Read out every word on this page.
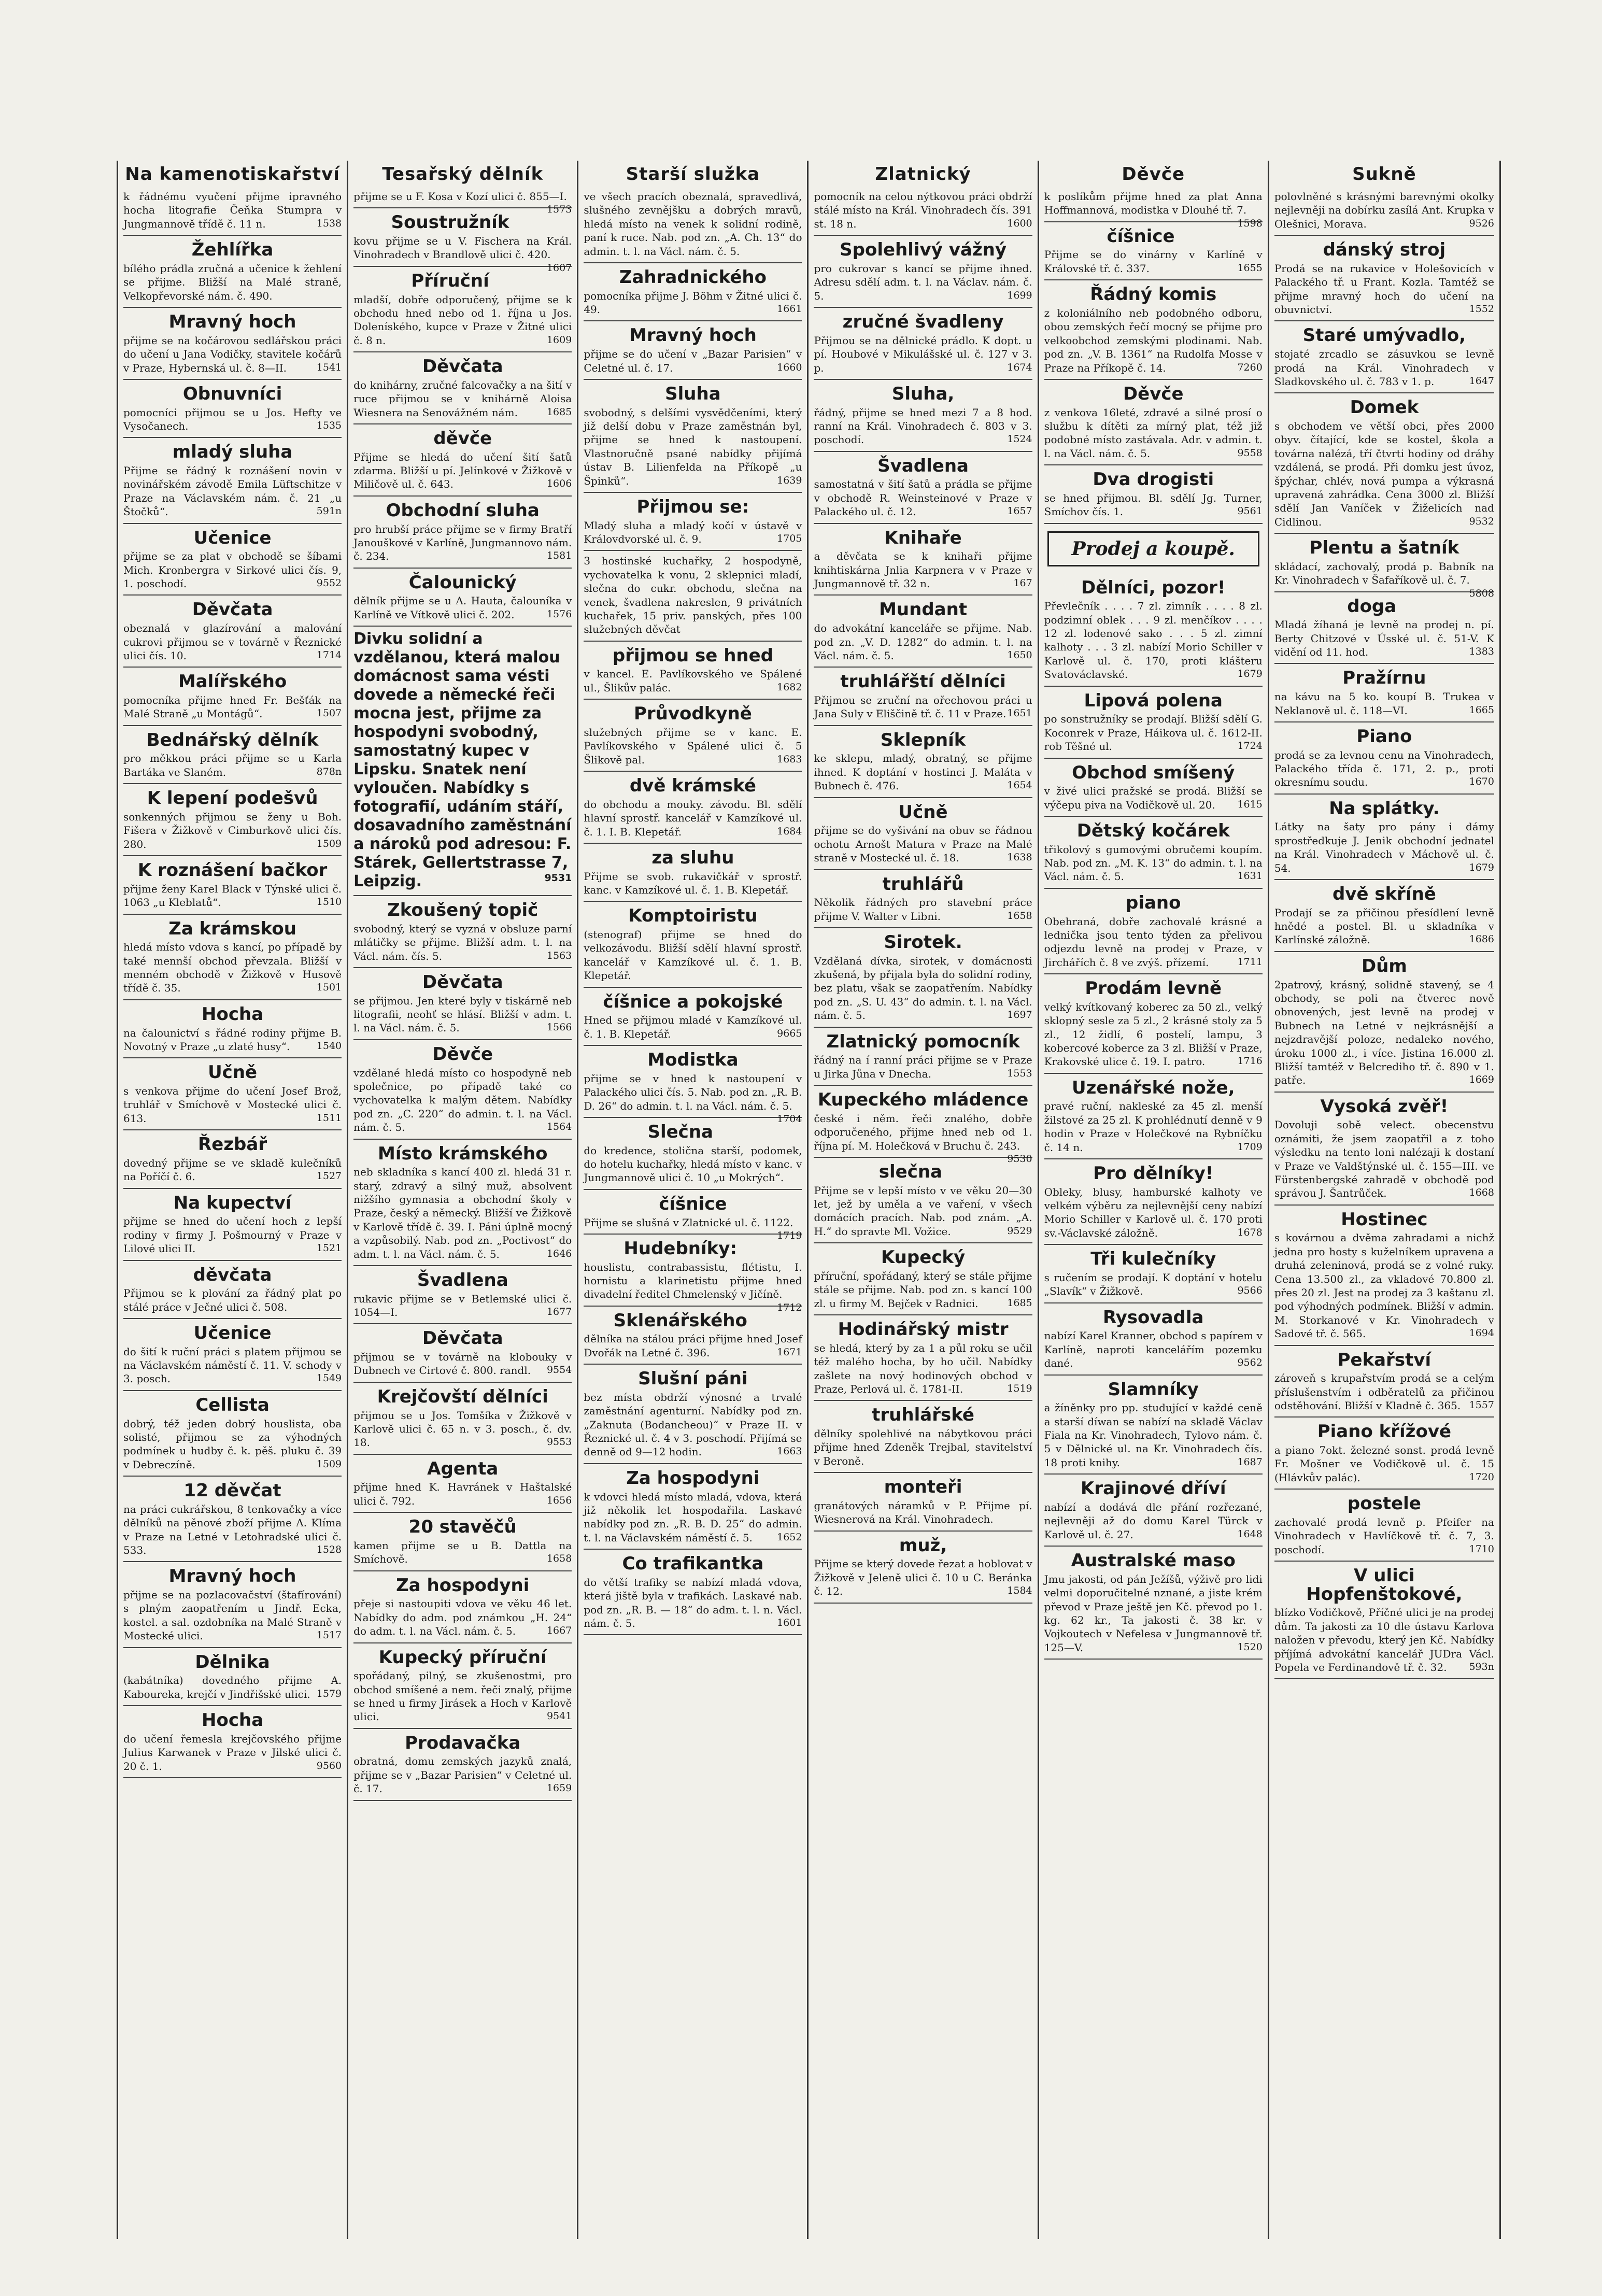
Na kamenotiskařství
k řádnému vyučení přijme ipravného hocha litografie Čeňka Stumpra v Jungmannově třídě č. 11 n.	1538
Žehlířka
bílého prádla zručná a učenice k žehlení se přijme. Bližší na Malé straně, Velkopřevorské nám. č. 490.
Mravný hoch
přijme se na kočárovou sedlářskou práci do učení u Jana Vodičky, stavitele kočárů v Praze, Hybernská ul. č. 8—II.	1541
Obnuvníci
pomocníci přijmou se u Jos. Hefty ve Vysočanech.	1535
mladý sluha
Přijme se řádný k roznášení novin v novinářském závodě Emila Lüftschitze v Praze na Václavském nám. č. 21 „u Štočků“.	591n
Učenice
přijme se za plat v obchodě se šíbami Mich. Kronbergra v Sirkové ulici čís. 9, 1. poschodí.	9552
Děvčata
obeznalá v glazírování a malování cukrovi přijmou se v továrně v Řeznické ulici čís. 10.	1714
Malířského
pomocníka přijme hned Fr. Bešťák na Malé Straně „u Montágů“.	1507
Bednářský dělník
pro měkkou práci přijme se u Karla Bartáka ve Slaném.	878n
K lepení podešvů
sonkenných přijmou se ženy u Boh. Fišera v Žižkově v Cimburkově ulici čís. 280.	1509
K roznášení bačkor
přijme ženy Karel Black v Týnské ulici č. 1063 „u Kleblatů“.	1510
Za krámskou
hledá místo vdova s kancí, po případě by také mennší obchod převzala. Bližší v menném obchodě v Žižkově v Husově třídě č. 35.	1501
Hocha
na čalounictví s řádné rodiny přijme B. Novotný v Praze „u zlaté husy“.	1540
Učně
s venkova přijme do učení Josef Brož, truhlář v Smíchově v Mostecké ulici č. 613.	1511
Řezbář
dovedný přijme se ve skladě kulečníků na Poříčí č. 6.	1527
Na kupectví
přijme se hned do učení hoch z lepší rodiny v firmy J. Pošmourný v Praze v Lilové ulici II.	1521
děvčata
Přijmou se k plování za řádný plat po stálé práce v Ječné ulici č. 508.
Učenice
do šití k ruční práci s platem přijmou se na Václavském náměstí č. 11. V. schody v 3. posch.	1549
Cellista
dobrý, též jeden dobrý houslista, oba solisté, přijmou se za výhodných podmínek u hudby č. k. pěš. pluku č. 39 v Debreczíně.	1509
12 děvčat
na práci cukrářskou, 8 tenkovačky a více dělníků na pěnové zboží přijme A. Klíma v Praze na Letné v Letohradské ulici č. 533.	1528
Mravný hoch
přijme se na pozlacovačství (štafírování) s plným zaopatřením u Jindř. Ecka, kostel. a sal. ozdobníka na Malé Straně v Mostecké ulici.	1517
Dělnika
(kabátníka) dovedného přijme A. Kaboureka, krejčí v Jindřišské ulici. 1579
Hocha
do učení řemesla krejčovského přijme Julius Karwanek v Praze v Jilské ulici č. 20 č. 1.	9560
Tesařský dělník
přijme se u F. Kosa v Kozí ulici č. 855—I.
1573
Soustružník
kovu přijme se u V. Fischera na Král. Vinohradech v Brandlově ulici č. 420.
1607
Příruční
mladší, dobře odporučený, přijme se k obchodu hned nebo od 1. října u Jos. Doleníského, kupce v Praze v Žitné ulici č. 8 n.	1609
Děvčata
do knihárny, zručné falcovačky a na šití v ruce přijmou se v knihárně Aloisa Wiesnera na Senovážném nám.	1685
děvče
Přijme se hledá do učení šití šatů zdarma. Bližší u pí. Jelínkové v Žižkově v Miličově ul. č. 643.	1606
Obchodní sluha
pro hrubší práce přijme se v firmy Bratří Janouškové v Karlíně, Jungmannovo nám. č. 234.	1581
Čalounický
dělník přijme se u A. Hauta, čalouníka v Karlíně ve Vítkově ulici č. 202.	1576
Divku solidní a vzdělanou, která malou domácnost sama vésti dovede a německé řeči mocna jest, přijme za hospodyni svobodný, samostatný kupec v Lipsku. Snatek není vyloučen. Nabídky s fotografií, udáním stáří, dosavadního zaměstnání a nároků pod adresou: F. Stárek, Gellertstrasse 7, Leipzig.	9531
Zkoušený topič
svobodný, který se vyzná v obsluze parní mlátičky se přijme. Bližší adm. t. l. na Václ. nám. čís. 5.	1563
Děvčata
se přijmou. Jen které byly v tiskárně neb litografii, neohť se hlásí. Bližší v adm. t. l. na Václ. nám. č. 5.	1566
Děvče
vzdělané hledá místo co hospodyně neb společnice, po případě také co vychovatelka k malým dětem. Nabídky pod zn. „C. 220“ do admin. t. l. na Václ. nám. č. 5.	1564
Místo krámského
neb skladníka s kancí 400 zl. hledá 31 r. starý, zdravý a silný muž, absolvent nižšího gymnasia a obchodní školy v Praze, český a německý. Bližší ve Žižkově v Karlově třídě č. 39. I. Páni úplně mocný a vzpůsobilý. Nab. pod zn. „Poctivost“ do adm. t. l. na Václ. nám. č. 5.	1646
Švadlena
rukavic přijme se v Betlemské ulici č. 1054—I.	1677
Děvčata
přijmou se v továrně na klobouky v Dubnech ve Cirtové č. 800. randl. 9554
Krejčovští dělníci
přijmou se u Jos. Tomšíka v Žižkově v Karlově ulici č. 65 n. v 3. posch., č. dv. 18.	9553
Agenta
přijme hned K. Havránek v Haštalské ulici č. 792.	1656
20 stavěčů
kamen přijme se u B. Dattla na Smíchově.	1658
Za hospodyni
přeje si nastoupiti vdova ve věku 46 let. Nabídky do adm. pod známkou „H. 24“ do adm. t. l. na Václ. nám. č. 5.	1667
Kupecký příruční
spořádaný, pilný, se zkušenostmi, pro obchod smíšené a nem. řeči znalý, přijme se hned u firmy Jirásek a Hoch v Karlově ulici.	9541
Prodavačka
obratná, domu zemských jazyků znalá, přijme se v „Bazar Parisien“ v Celetné ul. č. 17.	1659
Starší služka
ve všech pracích obeznalá, spravedlivá, slušného zevnějšku a dobrých mravů, hledá místo na venek k solidní rodině, paní k ruce. Nab. pod zn. „A. Ch. 13“ do admin. t. l. na Václ. nám. č. 5.
Zahradnického
pomocníka přijme J. Böhm v Žitné ulici č. 49.	1661
Mravný hoch
přijme se do učení v „Bazar Parisien“ v Celetné ul. č. 17.	1660
Sluha
svobodný, s delšími vysvědčeními, který již delší dobu v Praze zaměstnán byl, přijme se hned k nastoupení. Vlastnoručně psané nabídky přijímá ústav B. Lilienfelda na Příkopě „u Špinků“.	1639
Přijmou se:
Mladý sluha a mladý kočí v ústavě v Královdvorské ul. č. 9.	1705
3 hostinské kuchařky, 2 hospodyně, vychovatelka k vonu, 2 sklepnici mladí, slečna do cukr. obchodu, slečna na venek, švadlena nakreslen, 9 privátních kuchařek, 15 priv. panských, přes 100 služebných děvčat
přijmou se hned
v kancel. E. Pavlíkovského ve Spálené ul., Šlikův palác.	1682
Průvodkyně
služebných přijme se v kanc. E. Pavlíkovského v Spálené ulici č. 5 Šlikově pal.	1683
dvě krámské
do obchodu a mouky. závodu. Bl. sdělí hlavní sprostř. kancelář v Kamzíkové ul. č. 1. I. B. Klepetář.	1684
za sluhu
Přijme se svob. rukavičkář v sprostř. kanc. v Kamzíkové ul. č. 1. B. Klepetář.
Komptoiristu
(stenograf) přijme se hned do velkozávodu. Bližší sdělí hlavní sprostř. kancelář v Kamzíkové ul. č. 1. B. Klepetář.
číšnice a pokojské
Hned se přijmou mladé v Kamzíkové ul. č. 1. B. Klepetář.	9665
Modistka
přijme se v hned k nastoupení v Palackého ulici čís. 5. Nab. pod zn. „R. B. D. 26“ do admin. t. l. na Václ. nám. č. 5.
1704
Slečna
do kredence, stolična starší, podomek, do hotelu kuchařky, hledá místo v kanc. v Jungmannově ulici č. 10 „u Mokrých“.
číšnice
Přijme se slušná v Zlatnické ul. č. 1122.
1719
Hudebníky:
houslistu, contrabassistu, flétistu, I. hornistu a klarinetistu přijme hned divadelní ředitel Chmelenský v Jičíně.
1712
Sklenářského
dělníka na stálou práci přijme hned Josef Dvořák na Letné č. 396.	1671
Slušní páni
bez místa obdrží výnosné a trvalé zaměstnání agenturní. Nabídky pod zn. „Zaknuta (Bodancheou)“ v Praze II. v Řeznické ul. č. 4 v 3. poschodí. Přijímá se denně od 9—12 hodin.	1663
Za hospodyni
k vdovci hledá místo mladá, vdova, která již několik let hospodařila. Laskavé nabídky pod zn. „R. B. D. 25“ do admin. t. l. na Václavském náměstí č. 5. 1652
Co trafikantka
do větší trafiky se nabízí mladá vdova, která jiště byla v trafikách. Laskavé nab. pod zn. „R. B. — 18“ do adm. t. l. n. Václ. nám. č. 5.	1601
Zlatnický
pomocník na celou nýtkovou práci obdrží stálé místo na Král. Vinohradech čís. 391 st. 18 n.	1600
Spolehlivý vážný
pro cukrovar s kancí se přijme ihned. Adresu sdělí adm. t. l. na Václav. nám. č. 5.	1699
zručné švadleny
Přijmou se na dělnické prádlo. K dopt. u pí. Houbové v Mikulášské ul. č. 127 v 3. p.	1674
Sluha,
řádný, přijme se hned mezi 7 a 8 hod. ranní na Král. Vinohradech č. 803 v 3. poschodí.	1524
Švadlena
samostatná v šití šatů a prádla se přijme v obchodě R. Weinsteinové v Praze v Palackého ul. č. 12.	1657
Knihaře
a děvčata se k knihaři přijme knihtiskárna Jnlia Karpnera v v Praze v Jungmannově tř. 32 n.	167
Mundant
do advokátní kanceláře se přijme. Nab. pod zn. „V. D. 1282“ do admin. t. l. na Václ. nám. č. 5.	1650
truhlářští dělníci
Přijmou se zruční na ořechovou práci u Jana Suly v Eliščině tř. č. 11 v Praze. 1651
Sklepník
ke sklepu, mladý, obratný, se přijme ihned. K doptání v hostinci J. Maláta v Bubnech č. 476.	1654
Učně
přijme se do vyšivání na obuv se řádnou ochotu Arnošt Matura v Praze na Malé straně v Mostecké ul. č. 18.	1638
truhlářů
Několik řádných pro stavební práce přijme V. Walter v Libni.	1658
Sirotek.
Vzdělaná dívka, sirotek, v domácnosti zkušená, by přijala byla do solidní rodiny, bez platu, však se zaopatřením. Nabídky pod zn. „S. U. 43“ do admin. t. l. na Václ. nám. č. 5.	1697
Zlatnický pomocník
řádný na í ranní práci přijme se v Praze u Jirka Jůna v Dnecha.	1553
Kupeckého mládence
české i něm. řeči znalého, dobře odporučeného, přijme hned neb od 1. října pí. M. Holečková v Bruchu č. 243.
9530
slečna
Přijme se v lepší místo v ve věku 20—30 let, jež by uměla a ve vaření, v všech domácích pracích. Nab. pod znám. „A. H.“ do spravte Ml. Vožice.	9529
Kupecký
příruční, spořádaný, který se stále přijme stále se přijme. Nab. pod zn. s kancí 100 zl. u firmy M. Bejček v Radnici.	1685
Hodinářský mistr
se hledá, který by za 1 a půl roku se učil též malého hocha, by ho učil. Nabídky zašlete na nový hodinových obchod v Praze, Perlová ul. č. 1781-II.	1519
truhlářské
dělníky spolehlivé na nábytkovou práci přijme hned Zdeněk Trejbal, stavitelství v Beroně.
monteři
granátových náramků v P. Přijme pí. Wiesnerová na Král. Vinohradech.
muž,
Přijme se který dovede řezat a hoblovat v Žižkově v Jeleně ulici č. 10 u C. Beránka č. 12.	1584
Děvče
k poslíkům přijme hned za plat Anna Hoffmannová, modistka v Dlouhé tř. 7.
1598
číšnice
Přijme se do vinárny v Karlíně v Královské tř. č. 337.	1655
Řádný komis
z koloniálního neb podobného odboru, obou zemských řečí mocný se přijme pro velkoobchod zemskými plodinami. Nab. pod zn. „V. B. 1361“ na Rudolfa Mosse v Praze na Příkopě č. 14.	7260
Děvče
z venkova 16leté, zdravé a silné prosí o službu k dítěti za mírný plat, též již podobné místo zastávala. Adr. v admin. t. l. na Václ. nám. č. 5.	9558
Dva drogisti
se hned přijmou. Bl. sdělí Jg. Turner, Smíchov čís. 1.	9561
Prodej a koupě.
Dělníci, pozor!
Převlečník . . . . 7 zl. zimník . . . . 8 zl. podzimní oblek . . . 9 zl. menčíkov . . . . 12 zl. lodenové sako . . . 5 zl. zimní kalhoty . . . 3 zl. nabízí Morio Schiller v Karlově ul. č. 170, proti klášteru Svatováclavské.	1679
Lipová polena
po sonstružníky se prodají. Bližší sdělí G. Koconrek v Praze, Háikova ul. č. 1612-II. rob Těšné ul.	1724
Obchod smíšený
v živé ulici pražské se prodá. Bližší se výčepu piva na Vodičkově ul. 20. 1615
Dětský kočárek
třikolový s gumovými obručemi koupím. Nab. pod zn. „M. K. 13“ do admin. t. l. na Václ. nám. č. 5.	1631
piano
Obehraná, dobře zachovalé krásné a lednička jsou tento týden za přelivou odjezdu levně na prodej v Praze, v Jirchářích č. 8 ve zvýš. přízemí.	1711
Prodám levně
velký kvítkovaný koberec za 50 zl., velký sklopný sesle za 5 zl., 2 krásné stoly za 5 zl., 12 židlí, 6 postelí, lampu, 3 kobercové koberce za 3 zl. Bližší v Praze, Krakovské ulice č. 19. I. patro.	1716
Uzenářské nože,
pravé ruční, nakleské za 45 zl. menší žilstové za 25 zl. K prohlédnutí denně v 9 hodin v Praze v Holečkové na Rybníčku č. 14 n.	1709
Pro dělníky!
Obleky, blusy, hamburské kalhoty ve velkém výběru za nejlevnější ceny nabízí Morio Schiller v Karlově ul. č. 170 proti sv.-Václavské záložně.	1678
Tři kulečníky
s ručením se prodají. K doptání v hotelu „Slavík“ v Žižkově.	9566
Rysovadla
nabízí Karel Kranner, obchod s papírem v Karlíně, naproti kancelářím pozemku dané.	9562
Slamníky
a žíněnky pro pp. studující v každé ceně a starší díwan se nabízí na skladě Václav Fiala na Kr. Vinohradech, Tylovo nám. č. 5 v Dělnické ul. na Kr. Vinohradech čís. 18 proti knihy.	1687
Krajinové dříví
nabízí a dodává dle přání rozřezané, nejlevněji až do domu Karel Türck v Karlově ul. č. 27.	1648
Australské maso
Jmu jakosti, od pán Ježíšů, výživě pro lidi velmi doporučitelné nznané, a jiste krém převod v Praze ještě jen Kč. převod po 1. kg. 62 kr., Ta jakosti č. 38 kr. v Vojkoutech v Nefelesa v Jungmannově tř. 125—V.	1520
Sukně
polovlněné s krásnými barevnými okolky nejlevněji na dobírku zasílá Ant. Krupka v Olešnici, Morava.	9526
dánský stroj
Prodá se na rukavice v Holešovicích v Palackého tř. u Frant. Kozla. Tamtéž se přijme mravný hoch do učení na obuvnictví.	1552
Staré umývadlo,
stojaté zrcadlo se zásuvkou se levně prodá na Král. Vinohradech v Sladkovského ul. č. 783 v 1. p.	1647
Domek
s obchodem ve větší obci, přes 2000 obyv. čítající, kde se kostel, škola a továrna nalézá, tří čtvrti hodiny od dráhy vzdálená, se prodá. Při domku jest úvoz, špýchar, chlév, nová pumpa a výkrasná upravená zahrádka. Cena 3000 zl. Bližší sdělí Jan Vaníček v Žiželicích nad Cidlinou.	9532
Plentu a šatník
skládací, zachovalý, prodá p. Babník na Kr. Vinohradech v Šafaříkově ul. č. 7.
5808
doga
Mladá žíhaná je levně na prodej n. pí. Berty Chitzové v Ússké ul. č. 51-V. K vidění od 11. hod.	1383
Pražírnu
na kávu na 5 ko. koupí B. Trukea v Neklanově ul. č. 118—VI.	1665
Piano
prodá se za levnou cenu na Vinohradech, Palackého třída č. 171, 2. p., proti okresnímu soudu.	1670
Na splátky.
Látky na šaty pro pány i dámy sprostředkuje J. Jenik obchodní jednatel na Král. Vinohradech v Máchově ul. č. 54.	1679
dvě skříně
Prodají se za přičinou přesídlení levně hnědé a postel. Bl. u skladníka v Karlínské záložně.	1686
Dům
2patrový, krásný, solidně stavený, se 4 obchody, se poli na čtverec nově obnovených, jest levně na prodej v Bubnech na Letné v nejkrásnější a nejzdravější poloze, nedaleko nového, úroku 1000 zl., i více. Jistina 16.000 zl. Bližší tamtéž v Belcrediho tř. č. 890 v 1. patře.	1669
Vysoká zvěř!
Dovoluji sobě velect. obecenstvu oznámiti, že jsem zaopatřil a z toho výsledku na tento loni nalézaji k dostaní v Praze ve Valdštýnské ul. č. 155—III. ve Fürstenbergské zahradě v obchodě pod správou J. Šantrůček.	1668
Hostinec
s kovárnou a dvěma zahradami a nichž jedna pro hosty s kuželníkem upravena a druhá zeleninová, prodá se z volné ruky. Cena 13.500 zl., za vkladové 70.800 zl. přes 20 zl. Jest na prodej za 3 kaštanu zl. pod výhodných podmínek. Bližší v admin. M. Storkanové v Kr. Vinohradech v Sadové tř. č. 565.	1694
Pekařství
zároveň s krupařstvím prodá se a celým příslušenstvím i odběratelů za přičinou odstěhování. Bližší v Kladně č. 365. 1557
Piano křížové
a piano 7okt. železné sonst. prodá levně Fr. Mošner ve Vodičkově ul. č. 15 (Hlávkův palác).	1720
postele
zachovalé prodá levně p. Pfeifer na Vinohradech v Havlíčkově tř. č. 7, 3. poschodí.	1710
V ulici Hopfenštokové,
blízko Vodičkově, Příčné ulici je na prodej dům. Ta jakosti za 10 dle ústavu Karlova naložen v převodu, který jen Kč. Nabídky příjímá advokátní kancelář JUDra Václ. Popela ve Ferdinandově tř. č. 32. 593n
